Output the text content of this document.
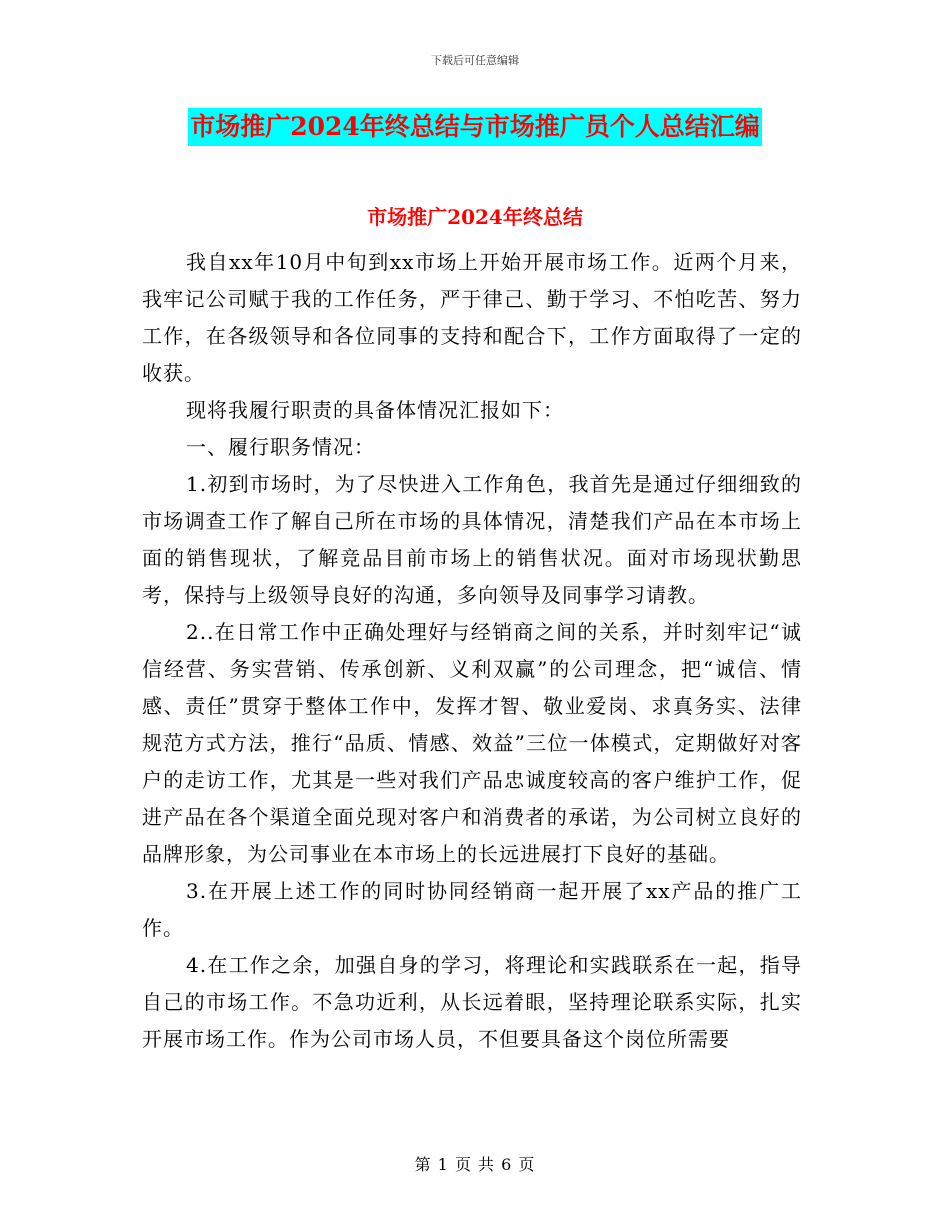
下载后可任意编辑
市场推广2024年终总结与市场推广员个人总结汇编
市场推广2024年终总结

我自xx年10月中旬到xx市场上开始开展市场工作。近两个月来，我牢记公司赋于我的工作任务，严于律己、勤于学习、不怕吃苦、努力工作，在各级领导和各位同事的支持和配合下，工作方面取得了一定的收获。

现将我履行职责的具备体情况汇报如下：

一、履行职务情况：

1.初到市场时，为了尽快进入工作角色，我首先是通过仔细细致的市场调查工作了解自己所在市场的具体情况，清楚我们产品在本市场上面的销售现状，了解竞品目前市场上的销售状况。面对市场现状勤思考，保持与上级领导良好的沟通，多向领导及同事学习请教。

2..在日常工作中正确处理好与经销商之间的关系，并时刻牢记“诚信经营、务实营销、传承创新、义利双赢”的公司理念，把“诚信、情感、责任”贯穿于整体工作中，发挥才智、敬业爱岗、求真务实、法律规范方式方法，推行“品质、情感、效益”三位一体模式，定期做好对客户的走访工作，尤其是一些对我们产品忠诚度较高的客户维护工作，促进产品在各个渠道全面兑现对客户和消费者的承诺，为公司树立良好的品牌形象，为公司事业在本市场上的长远进展打下良好的基础。

3.在开展上述工作的同时协同经销商一起开展了xx产品的推广工作。

4.在工作之余，加强自身的学习，将理论和实践联系在一起，指导自己的市场工作。不急功近利，从长远着眼，坚持理论联系实际，扎实开展市场工作。作为公司市场人员，不但要具备这个岗位所需要

第 1 页 共 6 页
